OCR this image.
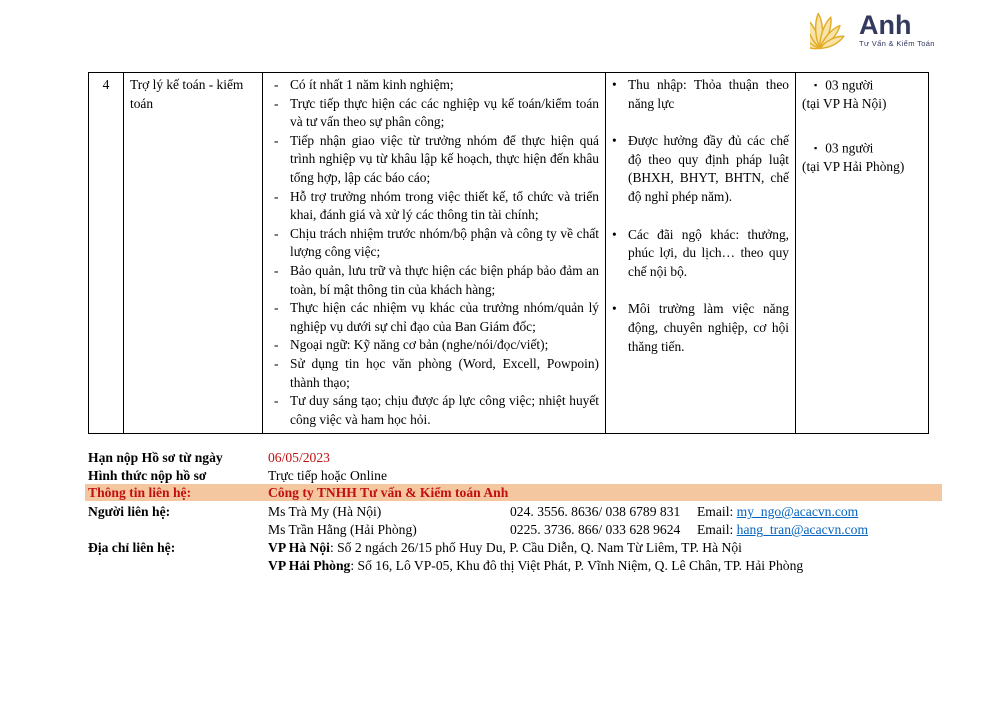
Anh
Tư Vấn & Kiểm Toán
4	Trợ lý kế toán - kiểm toán	
- Có ít nhất 1 năm kinh nghiệm;
- Trực tiếp thực hiện các các nghiệp vụ kế toán/kiểm toán và tư vấn theo sự phân công;
- Tiếp nhận giao việc từ trưởng nhóm để thực hiện quá trình nghiệp vụ từ khâu lập kế hoạch, thực hiện đến khâu tổng hợp, lập các báo cáo;
- Hỗ trợ trưởng nhóm trong việc thiết kế, tổ chức và triển khai, đánh giá và xử lý các thông tin tài chính;
- Chịu trách nhiệm trước nhóm/bộ phận và công ty về chất lượng công việc;
- Bảo quản, lưu trữ và thực hiện các biện pháp bảo đảm an toàn, bí mật thông tin của khách hàng;
- Thực hiện các nhiệm vụ khác của trưởng nhóm/quản lý nghiệp vụ dưới sự chỉ đạo của Ban Giám đốc;
- Ngoại ngữ: Kỹ năng cơ bản (nghe/nói/đọc/viết);
- Sử dụng tin học văn phòng (Word, Excell, Powpoin) thành thạo;
- Tư duy sáng tạo; chịu được áp lực công việc; nhiệt huyết công việc và ham học hỏi.

• Thu nhập: Thỏa thuận theo năng lực
• Được hưởng đầy đủ các chế độ theo quy định pháp luật (BHXH, BHYT, BHTN, chế độ nghỉ phép năm).
• Các đãi ngộ khác: thưởng, phúc lợi, du lịch… theo quy chế nội bộ.
• Môi trường làm việc năng động, chuyên nghiệp, cơ hội thăng tiến.

▪ 03 người
(tại VP Hà Nội)
▪ 03 người
(tại VP Hải Phòng)
Hạn nộp Hồ sơ từ ngày	06/05/2023
Hình thức nộp hồ sơ	Trực tiếp hoặc Online
Thông tin liên hệ:	Công ty TNHH Tư vấn & Kiểm toán Anh
Người liên hệ:	Ms Trà My (Hà Nội)	024. 3556. 8636/ 038 6789 831 Email: my_ngo@acacvn.com
Ms Trần Hằng (Hải Phòng)	0225. 3736. 866/ 033 628 9624 Email: hang_tran@acacvn.com
Địa chỉ liên hệ:	VP Hà Nội: Số 2 ngách 26/15 phố Huy Du, P. Cầu Diễn, Q. Nam Từ Liêm, TP. Hà Nội
VP Hải Phòng: Số 16, Lô VP-05, Khu đô thị Việt Phát, P. Vĩnh Niệm, Q. Lê Chân, TP. Hải Phòng
